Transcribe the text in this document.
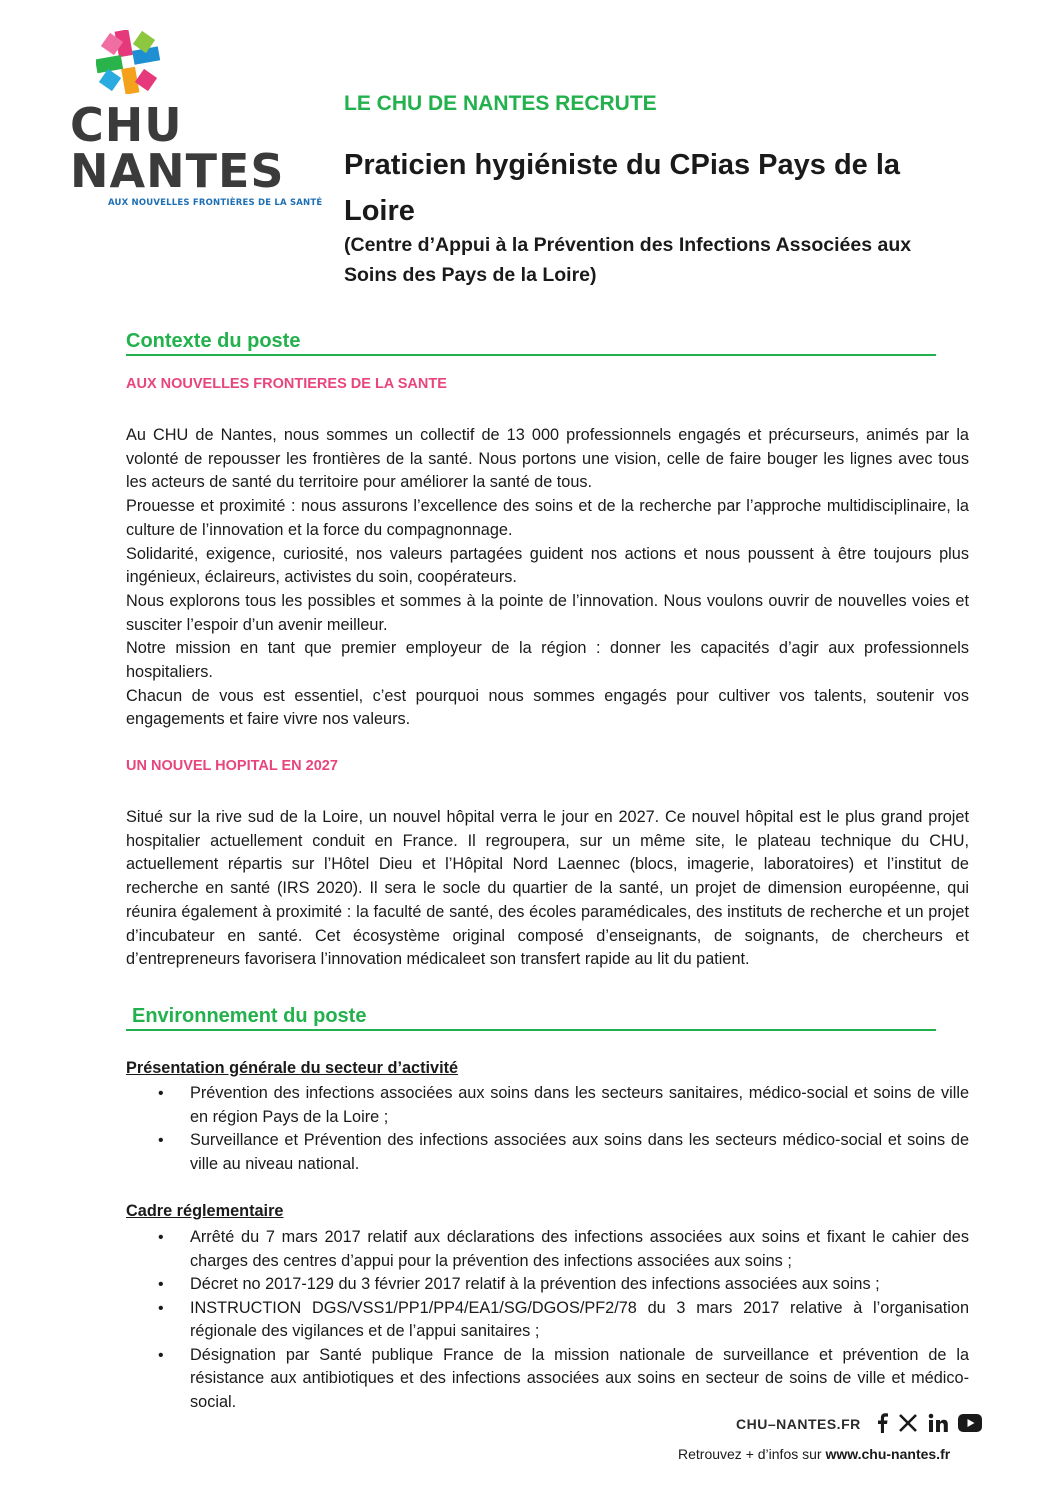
CHU
NANTES
AUX NOUVELLES FRONTIÈRES DE LA SANTÉ
LE CHU DE NANTES RECRUTE
Praticien hygiéniste du CPias Pays de la Loire
(Centre d’Appui à la Prévention des Infections Associées aux Soins des Pays de la Loire)
Contexte du poste
AUX NOUVELLES FRONTIERES DE LA SANTE

Au CHU de Nantes, nous sommes un collectif de 13 000 professionnels engagés et précurseurs, animés par la volonté de repousser les frontières de la santé. Nous portons une vision, celle de faire bouger les lignes avec tous les acteurs de santé du territoire pour améliorer la santé de tous.

Prouesse et proximité : nous assurons l’excellence des soins et de la recherche par l’approche multidisciplinaire, la culture de l’innovation et la force du compagnonnage.

Solidarité, exigence, curiosité, nos valeurs partagées guident nos actions et nous poussent à être toujours plus ingénieux, éclaireurs, activistes du soin, coopérateurs.

Nous explorons tous les possibles et sommes à la pointe de l’innovation. Nous voulons ouvrir de nouvelles voies et susciter l’espoir d’un avenir meilleur.

Notre mission en tant que premier employeur de la région : donner les capacités d’agir aux professionnels hospitaliers.

Chacun de vous est essentiel, c’est pourquoi nous sommes engagés pour cultiver vos talents, soutenir vos engagements et faire vivre nos valeurs.

UN NOUVEL HOPITAL EN 2027

Situé sur la rive sud de la Loire, un nouvel hôpital verra le jour en 2027. Ce nouvel hôpital est le plus grand projet hospitalier actuellement conduit en France. Il regroupera, sur un même site, le plateau technique du CHU, actuellement répartis sur l’Hôtel Dieu et l’Hôpital Nord Laennec (blocs, imagerie, laboratoires) et l’institut de recherche en santé (IRS 2020). Il sera le socle du quartier de la santé, un projet de dimension européenne, qui réunira également à proximité : la faculté de santé, des écoles paramédicales, des instituts de recherche et un projet d’incubateur en santé. Cet écosystème original composé d’enseignants, de soignants, de chercheurs et d’entrepreneurs favorisera l’innovation médicaleet son transfert rapide au lit du patient.

Environnement du poste
Présentation générale du secteur d’activité
• Prévention des infections associées aux soins dans les secteurs sanitaires, médico-social et soins de ville en région Pays de la Loire ;
• Surveillance et Prévention des infections associées aux soins dans les secteurs médico-social et soins de ville au niveau national.
Cadre réglementaire
• Arrêté du 7 mars 2017 relatif aux déclarations des infections associées aux soins et fixant le cahier des charges des centres d’appui pour la prévention des infections associées aux soins ;
• Décret no 2017-129 du 3 février 2017 relatif à la prévention des infections associées aux soins ;
• INSTRUCTION DGS/VSS1/PP1/PP4/EA1/SG/DGOS/PF2/78 du 3 mars 2017 relative à l’organisation régionale des vigilances et de l’appui sanitaires ;
• Désignation par Santé publique France de la mission nationale de surveillance et prévention de la résistance aux antibiotiques et des infections associées aux soins en secteur de soins de ville et médico-social.
CHU–NANTES.FR
Retrouvez + d’infos sur www.chu-nantes.fr
